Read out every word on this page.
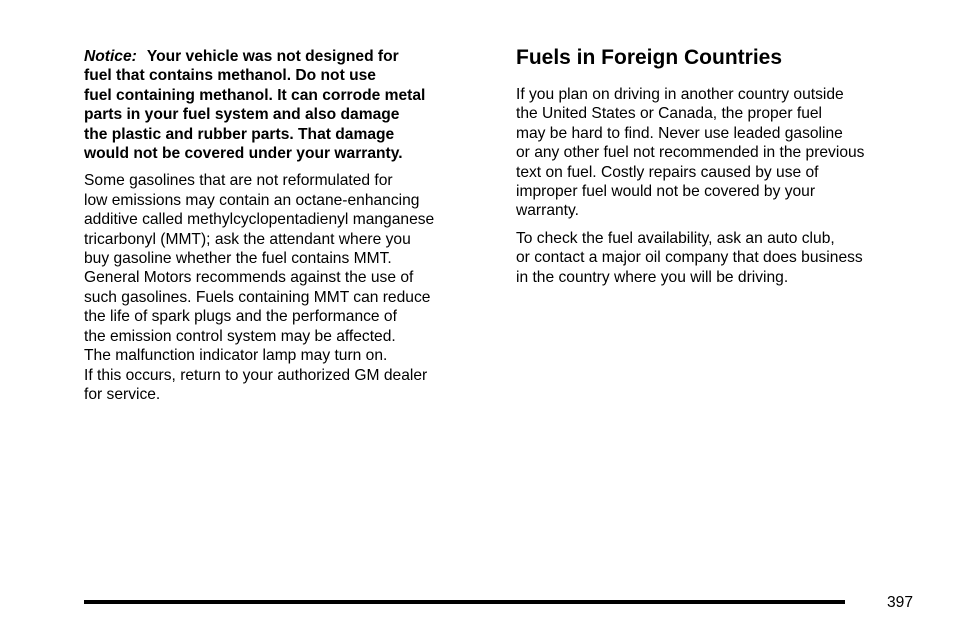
Notice: Your vehicle was not designed for
fuel that contains methanol. Do not use
fuel containing methanol. It can corrode metal
parts in your fuel system and also damage
the plastic and rubber parts. That damage
would not be covered under your warranty.
Some gasolines that are not reformulated for
low emissions may contain an octane-enhancing
additive called methylcyclopentadienyl manganese
tricarbonyl (MMT); ask the attendant where you
buy gasoline whether the fuel contains MMT.
General Motors recommends against the use of
such gasolines. Fuels containing MMT can reduce
the life of spark plugs and the performance of
the emission control system may be affected.
The malfunction indicator lamp may turn on.
If this occurs, return to your authorized GM dealer
for service.
Fuels in Foreign Countries
If you plan on driving in another country outside
the United States or Canada, the proper fuel
may be hard to find. Never use leaded gasoline
or any other fuel not recommended in the previous
text on fuel. Costly repairs caused by use of
improper fuel would not be covered by your
warranty.
To check the fuel availability, ask an auto club,
or contact a major oil company that does business
in the country where you will be driving.
397
